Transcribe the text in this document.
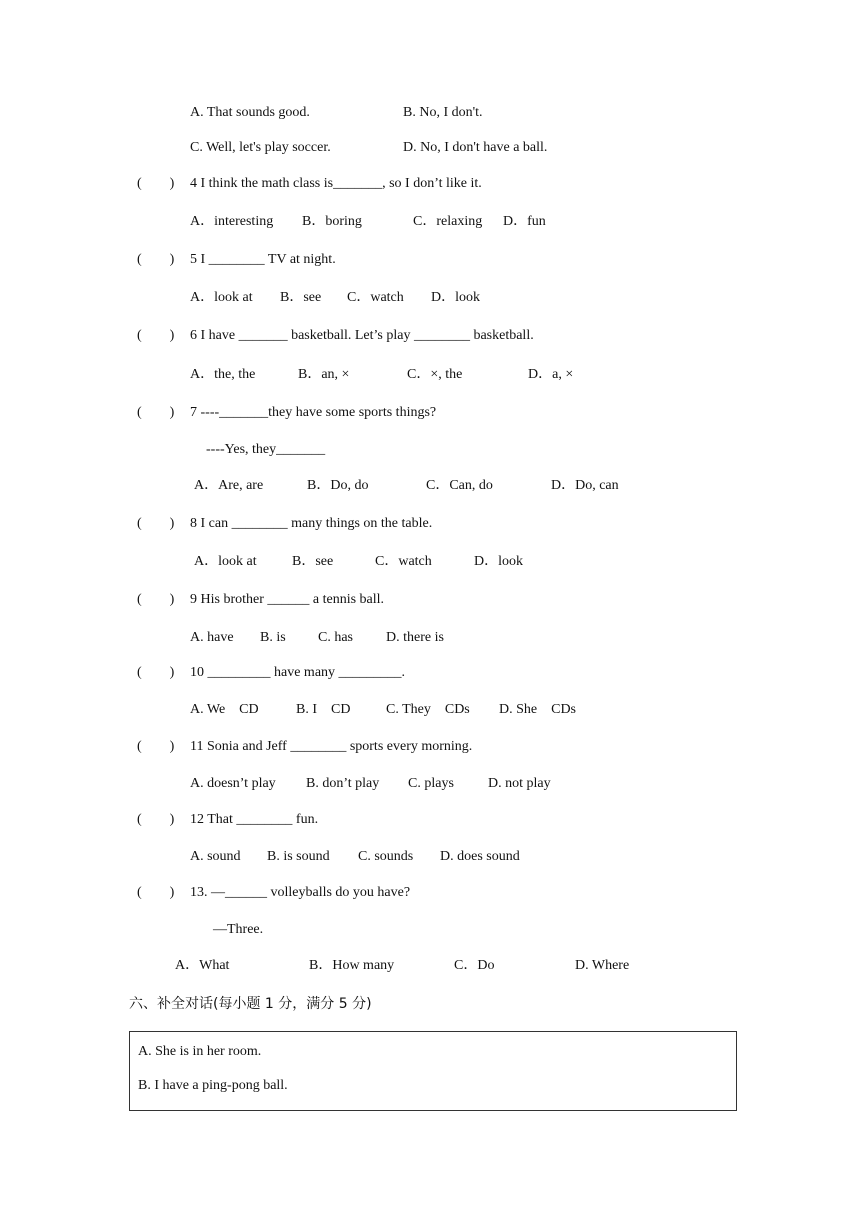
A. That sounds good.	B. No, I don't.
C. Well, let's play soccer.	D. No, I don't have a ball.
(        ) 4 I think the math class is_______, so I don’t like it.
A．interesting B．boring	C．relaxing D．fun
(        ) 5 I ________ TV at night.
A．look at B．see C．watch D．look
(        ) 6 I have _______ basketball. Let’s play ________ basketball.
A．the, the	B．an, ×	C．×, the	D．a, ×
(        ) 7 ----_______they have some sports things?
----Yes, they_______
A．Are, are	B．Do, do	C．Can, do	D．Do, can
(        ) 8 I can ________ many things on the table.
A．look at	B．see	C．watch	D．look
(        ) 9 His brother ______ a tennis ball.
A. have B. is C. has D. there is
(        ) 10 _________ have many _________.
A. We    CD	B. I    CD	C. They    CDs D. She    CDs
(        ) 11 Sonia and Jeff ________ sports every morning.
A. doesn’t play B. don’t play C. plays D. not play
(        ) 12 That ________ fun.
A. sound B. is sound C. sounds D. does sound
(        ) 13. —______ volleyballs do you have?
—Three.
A．What	B．How many	C．Do	D. Where
六、补全对话(每小题 1 分，满分 5 分)
A. She is in her room.
B. I have a ping-pong ball.
